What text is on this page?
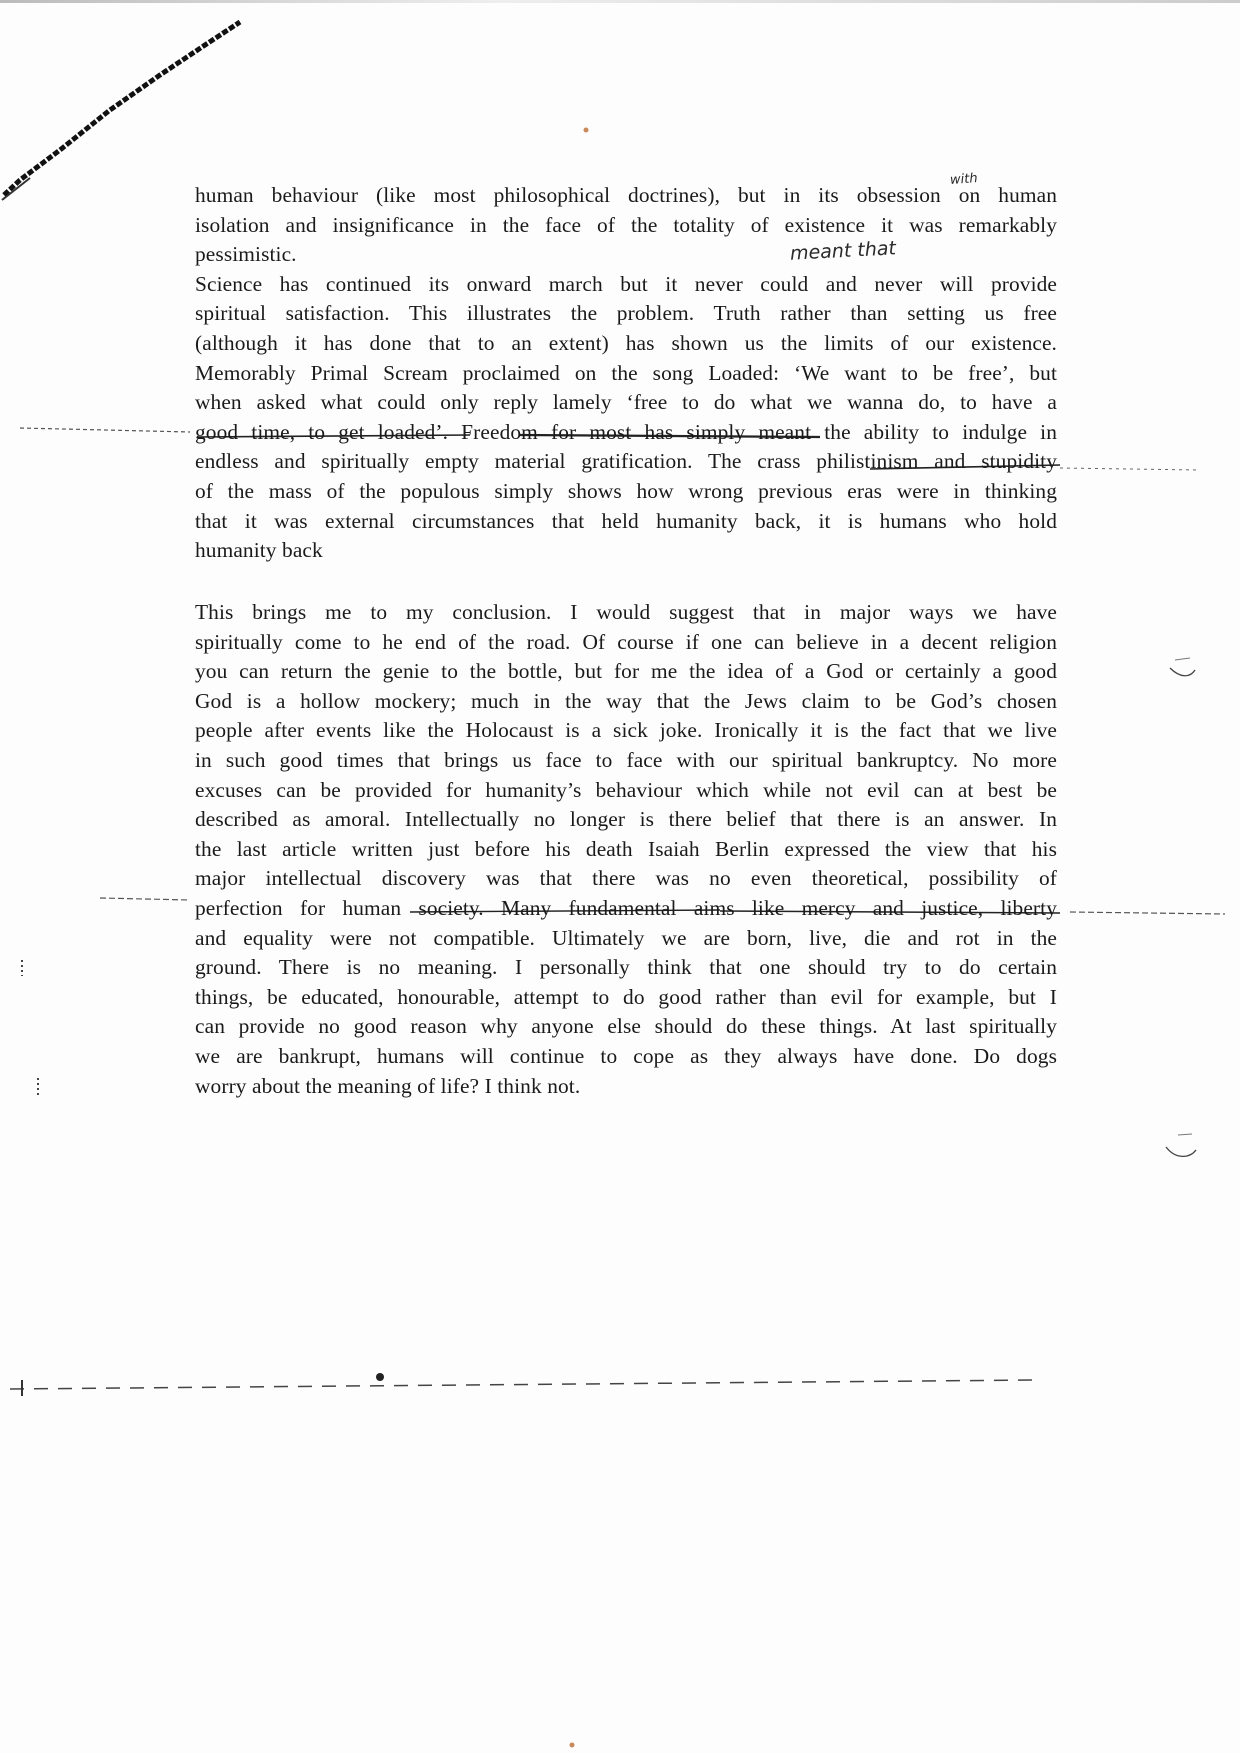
with
meant that
human behaviour (like most philosophical doctrines), but in its obsession on human
isolation and insignificance in the face of the totality of existence it was remarkably
pessimistic.
Science has continued its onward march but it never could and never will provide
spiritual satisfaction. This illustrates the problem. Truth rather than setting us free
(although it has done that to an extent) has shown us the limits of our existence.
Memorably Primal Scream proclaimed on the song Loaded: ‘We want to be free’, but
when asked what could only reply lamely ‘free to do what we wanna do, to have a
good time, to get loaded’. Freedom for most has simply meant the ability to indulge in
endless and spiritually empty material gratification. The crass philistinism and stupidity
of the mass of the populous simply shows how wrong previous eras were in thinking
that it was external circumstances that held humanity back, it is humans who hold
humanity back
This brings me to my conclusion. I would suggest that in major ways we have
spiritually come to he end of the road. Of course if one can believe in a decent religion
you can return the genie to the bottle, but for me the idea of a God or certainly a good
God is a hollow mockery; much in the way that the Jews claim to be God’s chosen
people after events like the Holocaust is a sick joke. Ironically it is the fact that we live
in such good times that brings us face to face with our spiritual bankruptcy. No more
excuses can be provided for humanity’s behaviour which while not evil can at best be
described as amoral. Intellectually no longer is there belief that there is an answer. In
the last article written just before his death Isaiah Berlin expressed the view that his
major intellectual discovery was that there was no even theoretical, possibility of
perfection for human society. Many fundamental aims like mercy and justice, liberty
and equality were not compatible. Ultimately we are born, live, die and rot in the
ground. There is no meaning. I personally think that one should try to do certain
things, be educated, honourable, attempt to do good rather than evil for example, but I
can provide no good reason why anyone else should do these things. At last spiritually
we are bankrupt, humans will continue to cope as they always have done. Do dogs
worry about the meaning of life? I think not.
